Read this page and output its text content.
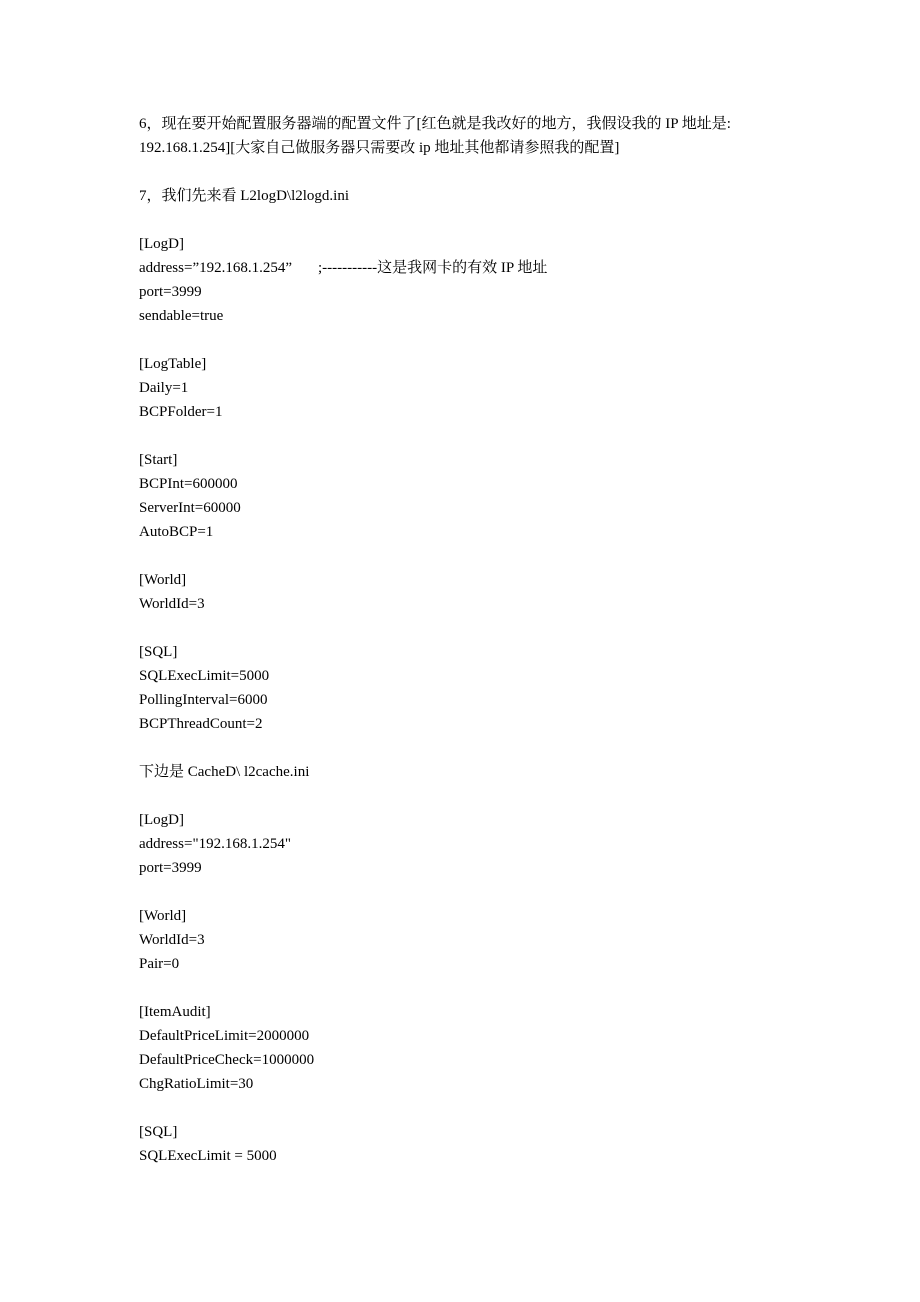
6，现在要开始配置服务器端的配置文件了[红色就是我改好的地方，我假设我的 IP 地址是:
192.168.1.254][大家自己做服务器只需要改 ip 地址其他都请参照我的配置]
7，我们先来看 L2logD\l2logd.ini
[LogD]
address=”192.168.1.254” ;-----------这是我网卡的有效 IP 地址
port=3999
sendable=true
[LogTable]
Daily=1
BCPFolder=1
[Start]
BCPInt=600000
ServerInt=60000
AutoBCP=1
[World]
WorldId=3
[SQL]
SQLExecLimit=5000
PollingInterval=6000
BCPThreadCount=2
下边是 CacheD\ l2cache.ini
[LogD]
address="192.168.1.254"
port=3999
[World]
WorldId=3
Pair=0
[ItemAudit]
DefaultPriceLimit=2000000
DefaultPriceCheck=1000000
ChgRatioLimit=30
[SQL]
SQLExecLimit = 5000
